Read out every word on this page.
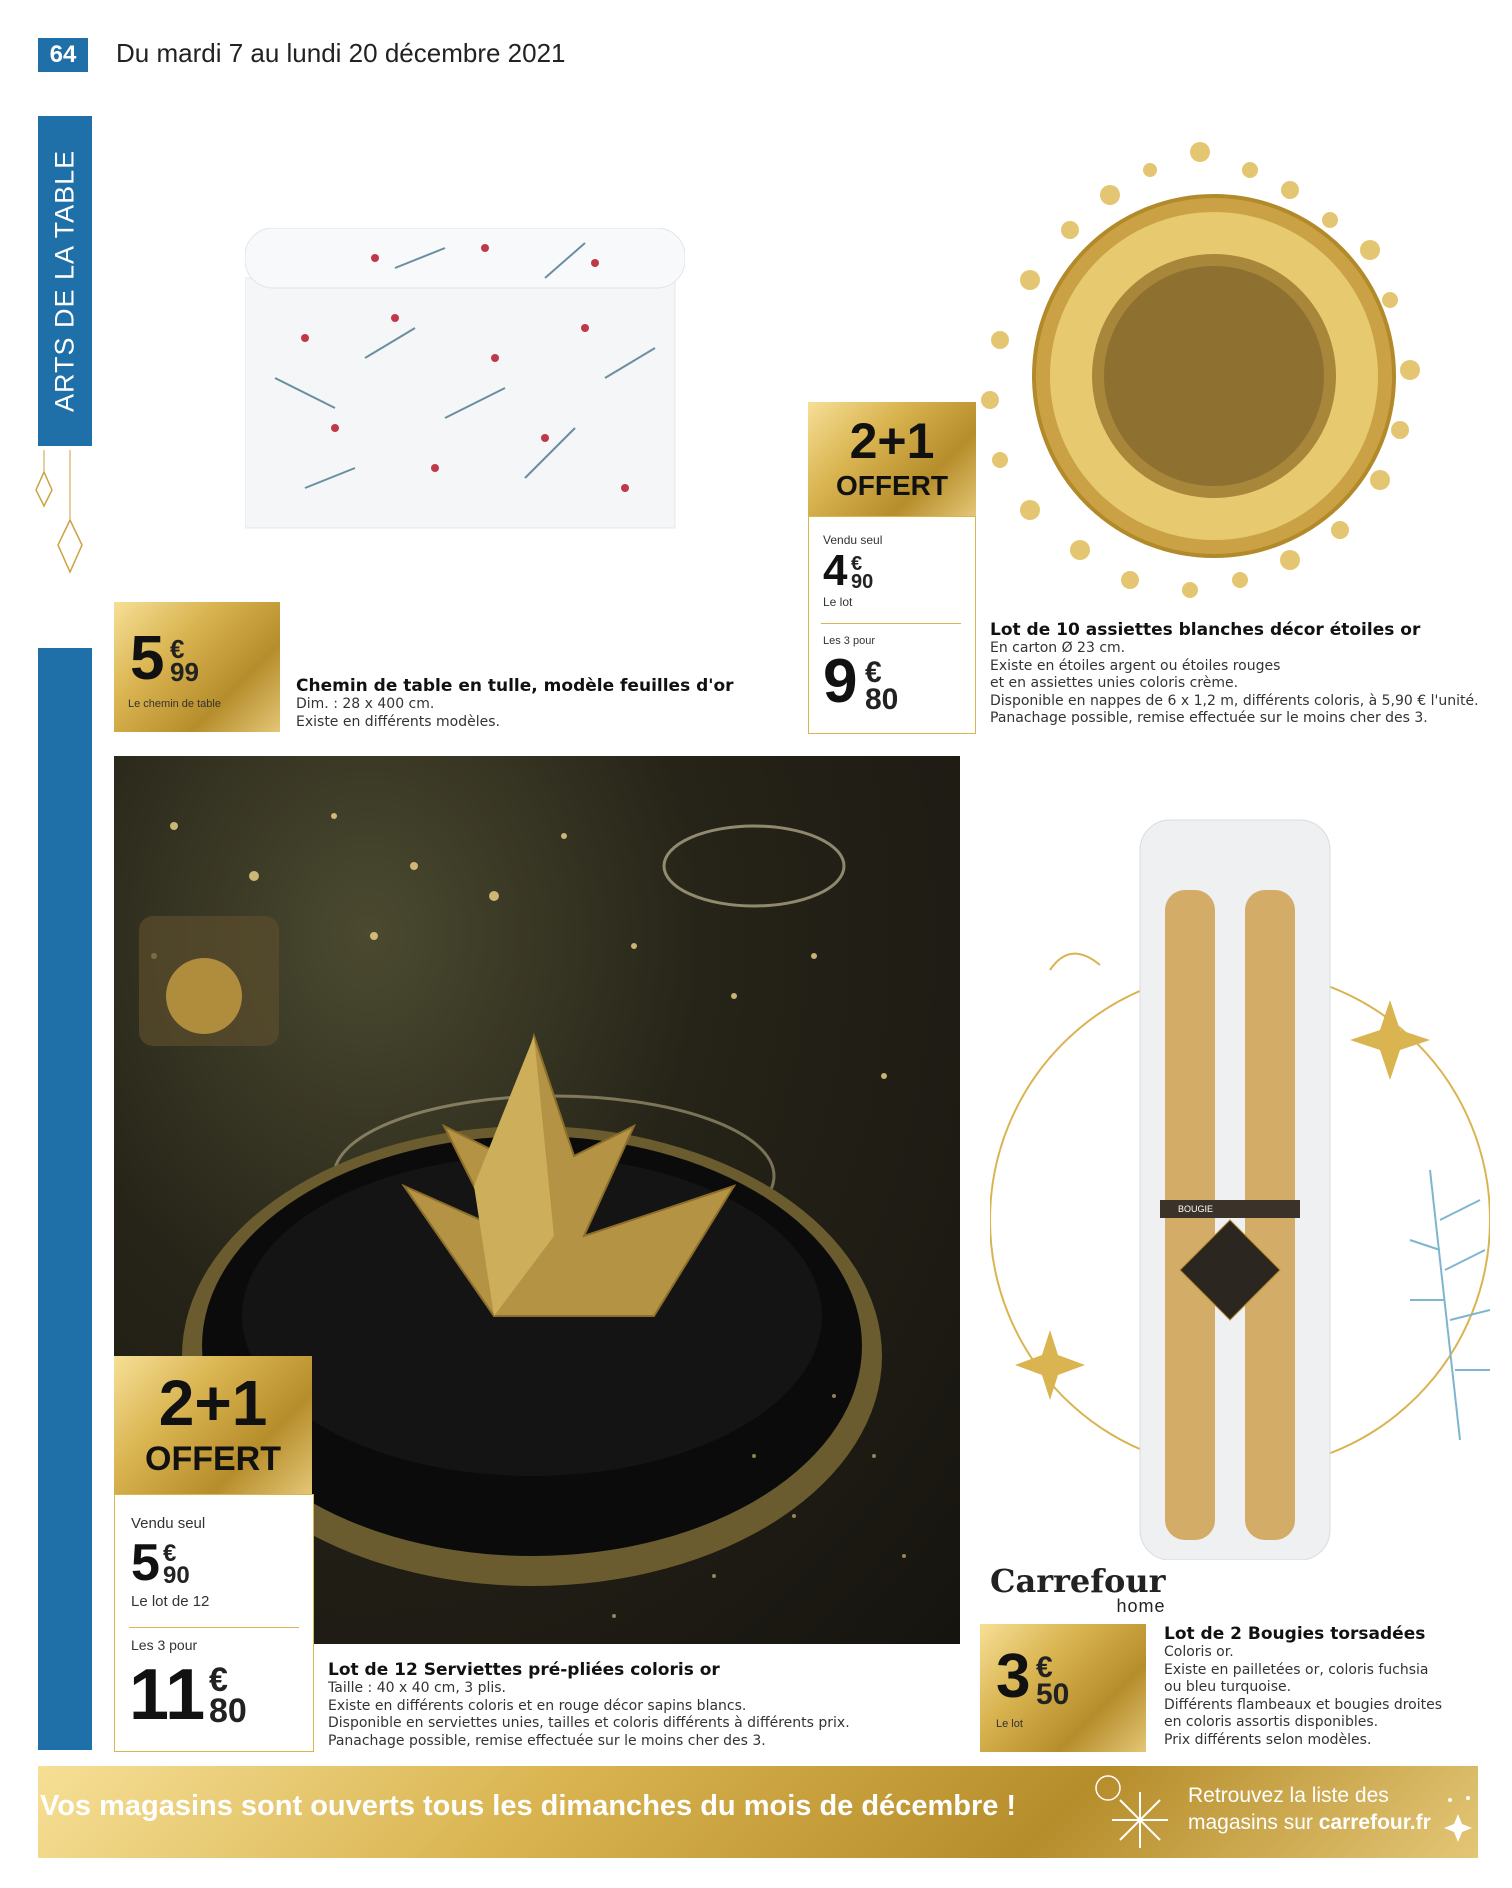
64	Du mardi 7 au lundi 20 décembre 2021
ARTS DE LA TABLE
5 €
99
Le chemin de table
Chemin de table en tulle, modèle feuilles d'or
Dim. : 28 x 400 cm.
Existe en différents modèles.
2+1
OFFERT
Vendu seul
4 €
90
Le lot
Les 3 pour
9 €
80
Lot de 10 assiettes blanches décor étoiles or
En carton Ø 23 cm.
Existe en étoiles argent ou étoiles rouges
et en assiettes unies coloris crème.
Disponible en nappes de 6 x 1,2 m, différents coloris, à 5,90 € l'unité.
Panachage possible, remise effectuée sur le moins cher des 3.
2+1
OFFERT
Vendu seul
5 €
90
Le lot de 12
Les 3 pour
11 €
80
Lot de 12 Serviettes pré-pliées coloris or
Taille : 40 x 40 cm, 3 plis.
Existe en différents coloris et en rouge décor sapins blancs.
Disponible en serviettes unies, tailles et coloris différents à différents prix.
Panachage possible, remise effectuée sur le moins cher des 3.
BOUGIE
PUR
Carrefour
home
3 €
50
Le lot
Lot de 2 Bougies torsadées
Coloris or.
Existe en pailletées or, coloris fuchsia
ou bleu turquoise.
Différents flambeaux et bougies droites
en coloris assortis disponibles.
Prix différents selon modèles.
Vos magasins sont ouverts tous les dimanches du mois de décembre !	Retrouvez la liste des
magasins sur carrefour.fr
